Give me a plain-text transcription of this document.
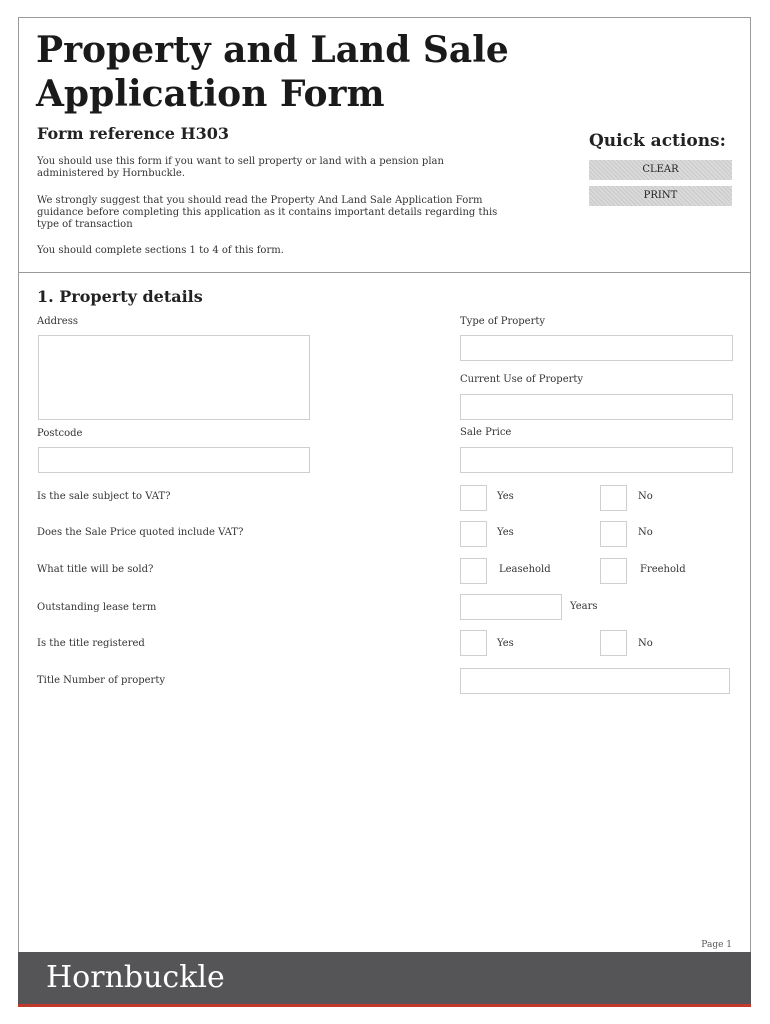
Property and Land Sale Application Form
Form reference H303

You should use this form if you want to sell property or land with a pension plan administered by Hornbuckle.

We strongly suggest that you should read the Property And Land Sale Application Form guidance before completing this application as it contains important details regarding this type of transaction

You should complete sections 1 to 4 of this form.

Quick actions:
CLEAR
PRINT
1. Property details
Address
Postcode
Type of Property
Current Use of Property
Sale Price
Is the sale subject to VAT?	Yes	No
Does the Sale Price quoted include VAT?	Yes	No
What title will be sold?	Leasehold	Freehold
Outstanding lease term	Years
Is the title registered	Yes	No
Title Number of property
Page 1
Hornbuckle
